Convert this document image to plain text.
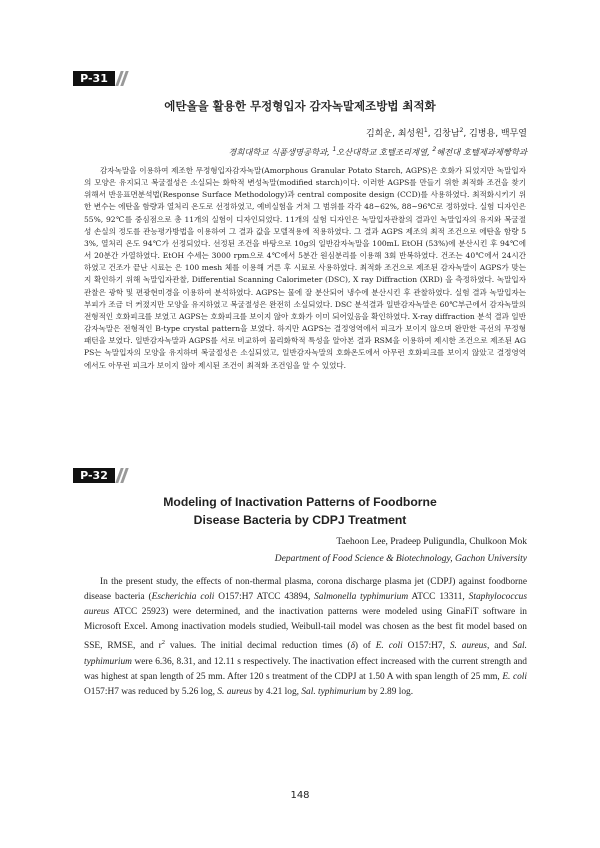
P-31
에탄올을 활용한 무정형입자 감자녹말제조방법 최적화
김희운, 최성원$^1$, 김창남$^2$, 김병용, 백무열
경희대학교 식품생명공학과, $^1$오산대학교 호텔조리계열, $^2$혜전대 호텔제과제빵학과
감자녹말을 이용하여 제조한 무정형입자감자녹말(Amorphous Granular Potato Starch, AGPS)은 호화가 되었지만 녹말입자의 모양은 유지되고 복굴절성은 소실되는 화학적 변성녹말(modified starch)이다. 이러한 AGPS를 만들기 위한 최적화 조건을 찾기 위해서 반응표면분석법(Response Surface Methodology)과 central composite design (CCD)를 사용하였다. 최적화시키기 위한 변수는 에탄올 함량과 열처리 온도로 선정하였고, 예비실험을 거쳐 그 범위를 각각 48~62%, 88~96℃로 정하였다. 실험 디자인은 55%, 92℃를 중심점으로 총 11개의 실험이 디자인되었다. 11개의 실험 디자인은 녹말입자관찰의 결과인 녹말입자의 유지와 복굴절성 손실의 정도를 관능평가방법을 이용하여 그 결과 값을 모델적용에 적용하였다. 그 결과 AGPS 제조의 최적 조건으로 에탄올 함량 53%, 열처리 온도 94℃가 선정되었다. 선정된 조건을 바탕으로 10g의 일반감자녹말을 100mL EtOH (53%)에 분산시킨 후 94℃에서 20분간 가열하였다. EtOH 수세는 3000 rpm으로 4℃에서 5분간 원심분리를 이용해 3회 반복하였다. 건조는 40℃에서 24시간 하였고 건조가 끝난 시료는 은 100 mesh 체를 이용해 거른 후 시료로 사용하였다. 최적화 조건으로 제조된 감자녹말이 AGPS가 맞는지 확인하기 위해 녹말입자관찰, Differential Scanning Calorimeter (DSC), X ray Diffraction (XRD) 을 측정하였다. 녹말입자관찰은 광학 및 편광현미경을 이용하여 분석하였다. AGPS는 물에 잘 분산되어 냉수에 분산시킨 후 관찰하였다. 실험 결과 녹말입자는 부피가 조금 더 커졌지만 모양을 유지하였고 복굴절성은 완전히 소실되었다. DSC 분석결과 일반감자녹말은 60℃부근에서 감자녹말의 전형적인 호화피크를 보였고 AGPS는 호화피크를 보이지 않아 호화가 이미 되어있음을 확인하였다. X-ray diffraction 분석 결과 일반감자녹말은 전형적인 B-type crystal pattern을 보였다. 하지만 AGPS는 결정영역에서 피크가 보이지 않으며 완만한 곡선의 무정형 패턴을 보였다. 일반감자녹말과 AGPS를 서로 비교하여 물리화학적 특성을 알아본 결과 RSM을 이용하여 제시한 조건으로 제조된 AGPS는 녹말입자의 모양을 유지하며 복굴절성은 소실되었고, 일반감자녹말의 호화온도에서 아무런 호화피크를 보이지 않았고 결정영역에서도 아무런 피크가 보이지 않아 제시된 조건이 최적화 조건임을 알 수 있었다.
P-32
Modeling of Inactivation Patterns of Foodborne
Disease Bacteria by CDPJ Treatment
Taehoon Lee, Pradeep Puligundla, Chulkoon Mok
Department of Food Science & Biotechnology, Gachon University
In the present study, the effects of non-thermal plasma, corona discharge plasma jet (CDPJ) against foodborne disease bacteria (Escherichia coli O157:H7 ATCC 43894, Salmonella typhimurium ATCC 13311, Staphylococcus aureus ATCC 25923) were determined, and the inactivation patterns were modeled using GinaFiT software in Microsoft Excel. Among inactivation models studied, Weibull-tail model was chosen as the best fit model based on SSE, RMSE, and $r^2$ values. The initial decimal reduction times (δ) of E. coli O157:H7, S. aureus, and Sal. typhimurium were 6.36, 8.31, and 12.11 s respectively. The inactivation effect increased with the current strength and was highest at span length of 25 mm. After 120 s treatment of the CDPJ at 1.50 A with span length of 25 mm, E. coli O157:H7 was reduced by 5.26 log, S. aureus by 4.21 log, Sal. typhimurium by 2.89 log.
148
